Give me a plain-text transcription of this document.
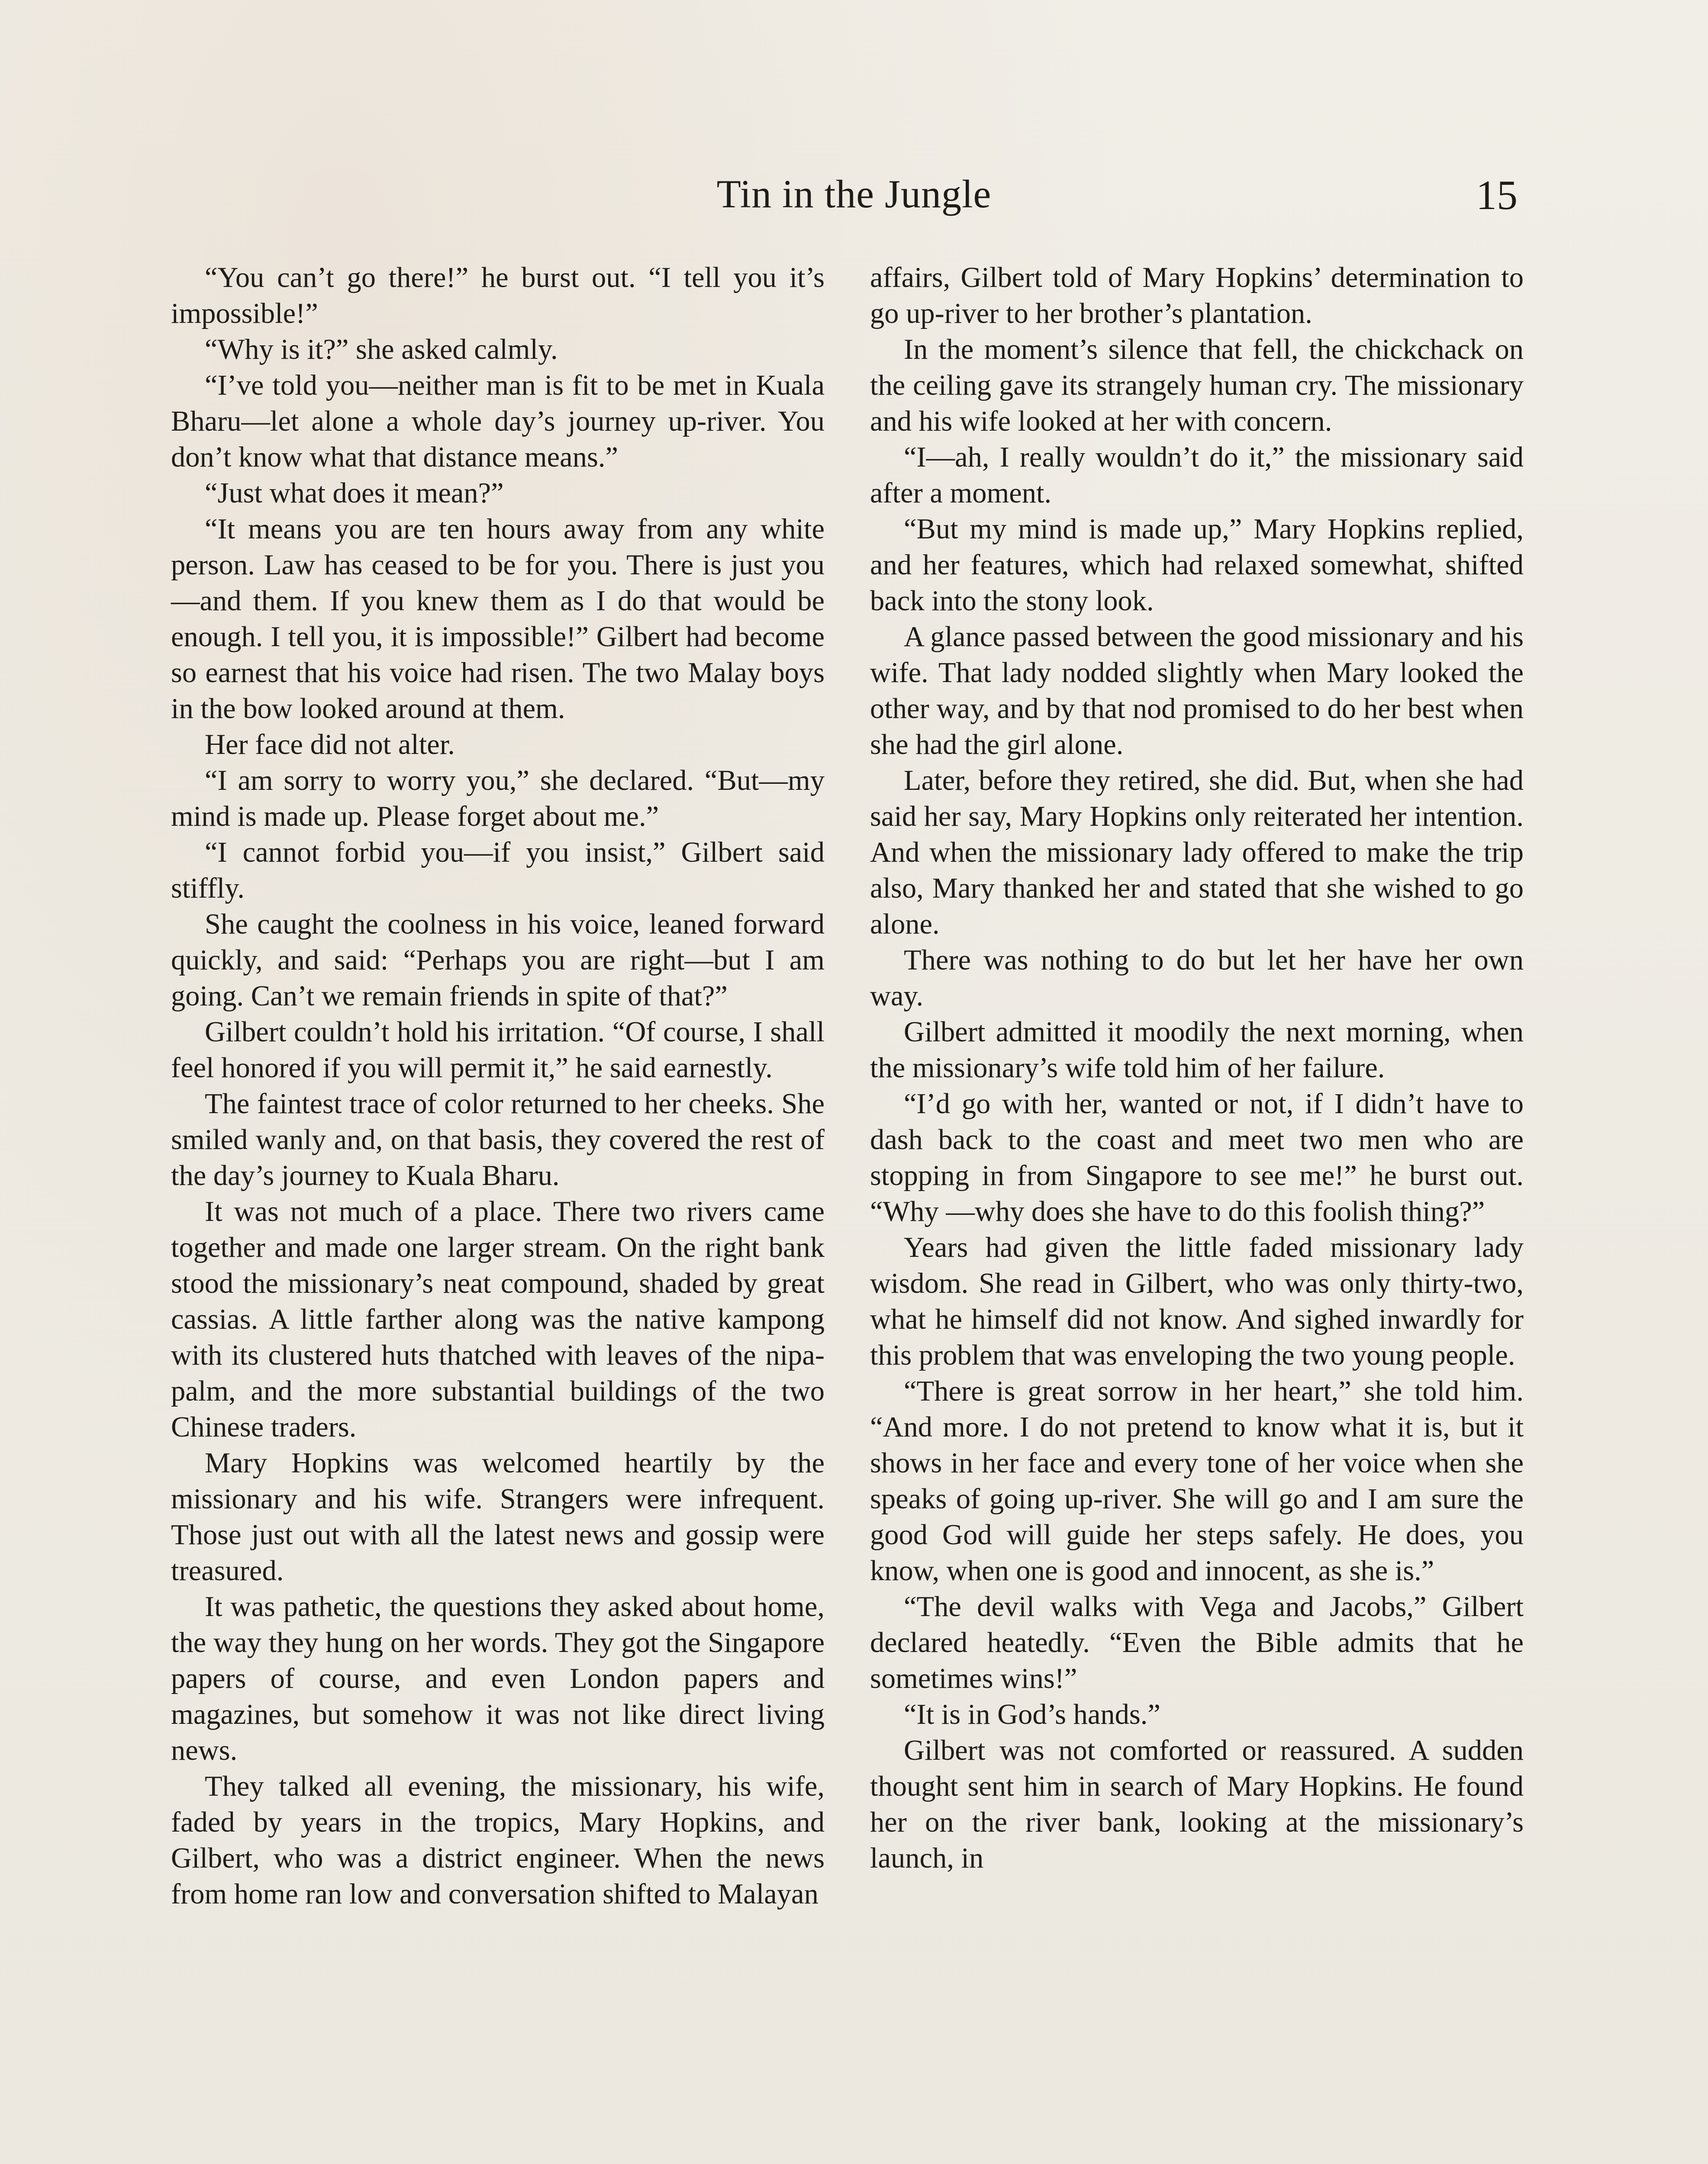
Tin in the Jungle	15

“You can’t go there!” he burst out. “I tell you it’s impossible!”

“Why is it?” she asked calmly.

“I’ve told you—neither man is fit to be met in Kuala Bharu—let alone a whole day’s journey up-river. You don’t know what that distance means.”

“Just what does it mean?”

“It means you are ten hours away from any white person. Law has ceased to be for you. There is just you—and them. If you knew them as I do that would be enough. I tell you, it is impossible!” Gilbert had become so earnest that his voice had risen. The two Malay boys in the bow looked around at them.

Her face did not alter.

“I am sorry to worry you,” she declared. “But—my mind is made up. Please forget about me.”

“I cannot forbid you—if you insist,” Gilbert said stiffly.

She caught the coolness in his voice, leaned forward quickly, and said: “Perhaps you are right—but I am going. Can’t we remain friends in spite of that?”

Gilbert couldn’t hold his irritation. “Of course, I shall feel honored if you will permit it,” he said earnestly.

The faintest trace of color returned to her cheeks. She smiled wanly and, on that basis, they covered the rest of the day’s journey to Kuala Bharu.

It was not much of a place. There two rivers came together and made one larger stream. On the right bank stood the missionary’s neat compound, shaded by great cassias. A little farther along was the native kampong with its clustered huts thatched with leaves of the nipa-palm, and the more substantial buildings of the two Chinese traders.

Mary Hopkins was welcomed heartily by the missionary and his wife. Strangers were infrequent. Those just out with all the latest news and gossip were treasured.

It was pathetic, the questions they asked about home, the way they hung on her words. They got the Singapore papers of course, and even London papers and magazines, but somehow it was not like direct living news.

They talked all evening, the missionary, his wife, faded by years in the tropics, Mary Hopkins, and Gilbert, who was a district engineer. When the news from home ran low and conversation shifted to Malayan

affairs, Gilbert told of Mary Hopkins’ determination to go up-river to her brother’s plantation.

In the moment’s silence that fell, the chickchack on the ceiling gave its strangely human cry. The missionary and his wife looked at her with concern.

“I—ah, I really wouldn’t do it,” the missionary said after a moment.

“But my mind is made up,” Mary Hopkins replied, and her features, which had relaxed somewhat, shifted back into the stony look.

A glance passed between the good missionary and his wife. That lady nodded slightly when Mary looked the other way, and by that nod promised to do her best when she had the girl alone.

Later, before they retired, she did. But, when she had said her say, Mary Hopkins only reiterated her intention. And when the missionary lady offered to make the trip also, Mary thanked her and stated that she wished to go alone.

There was nothing to do but let her have her own way.

Gilbert admitted it moodily the next morning, when the missionary’s wife told him of her failure.

“I’d go with her, wanted or not, if I didn’t have to dash back to the coast and meet two men who are stopping in from Singapore to see me!” he burst out. “Why —why does she have to do this foolish thing?”

Years had given the little faded missionary lady wisdom. She read in Gilbert, who was only thirty-two, what he himself did not know. And sighed inwardly for this problem that was enveloping the two young people.

“There is great sorrow in her heart,” she told him. “And more. I do not pretend to know what it is, but it shows in her face and every tone of her voice when she speaks of going up-river. She will go and I am sure the good God will guide her steps safely. He does, you know, when one is good and innocent, as she is.”

“The devil walks with Vega and Jacobs,” Gilbert declared heatedly. “Even the Bible admits that he sometimes wins!”

“It is in God’s hands.”

Gilbert was not comforted or reassured. A sudden thought sent him in search of Mary Hopkins. He found her on the river bank, looking at the missionary’s launch, in
